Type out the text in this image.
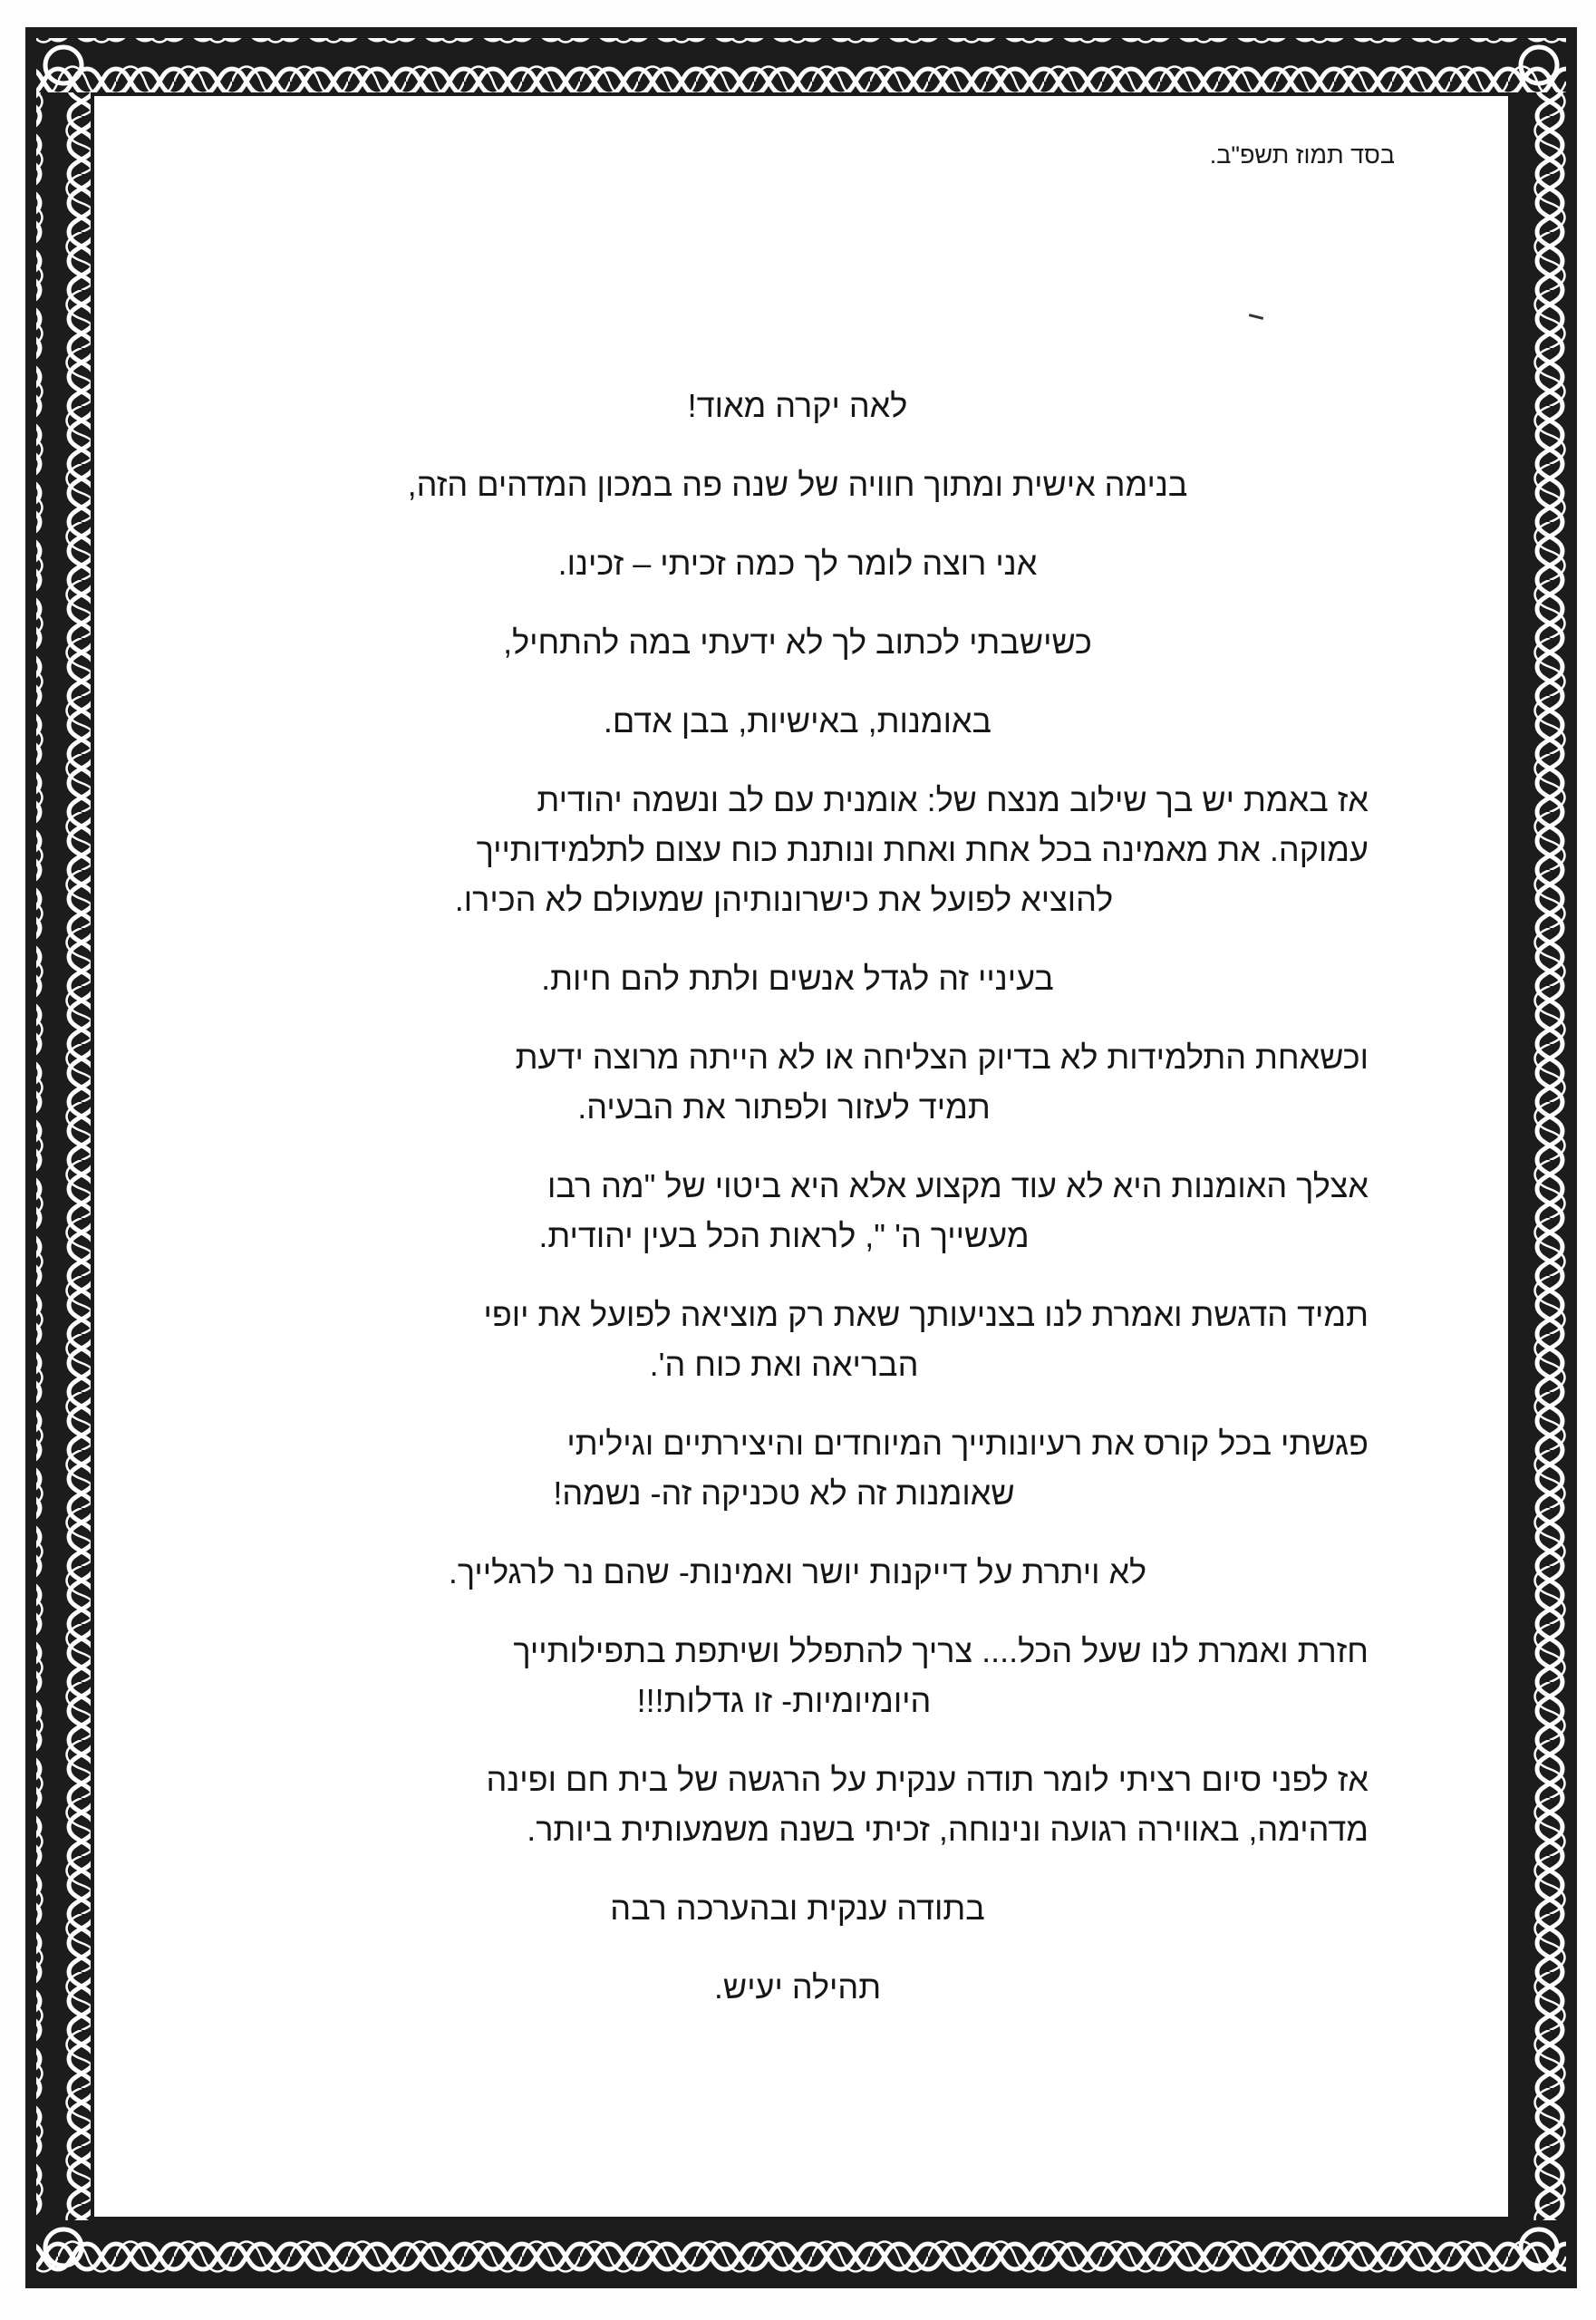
בסד תמוז תשפ"ב.

לאה יקרה מאוד!

בנימה אישית ומתוך חוויה של שנה פה במכון המדהים הזה,

אני רוצה לומר לך כמה זכיתי – זכינו.

כשישבתי לכתוב לך לא ידעתי במה להתחיל,

באומנות, באישיות, בבן אדם.

אז באמת יש בך שילוב מנצח של: אומנית עם לב ונשמה יהודית
עמוקה. את מאמינה בכל אחת ואחת ונותנת כוח עצום לתלמידותייך
להוציא לפועל את כישרונותיהן שמעולם לא הכירו.

בעיניי זה לגדל אנשים ולתת להם חיות.

וכשאחת התלמידות לא בדיוק הצליחה או לא הייתה מרוצה ידעת
תמיד לעזור ולפתור את הבעיה.

אצלך האומנות היא לא עוד מקצוע אלא היא ביטוי של "מה רבו
מעשייך ה' ", לראות הכל בעין יהודית.

תמיד הדגשת ואמרת לנו בצניעותך שאת רק מוציאה לפועל את יופי
הבריאה ואת כוח ה'.

פגשתי בכל קורס את רעיונותייך המיוחדים והיצירתיים וגיליתי
שאומנות זה לא טכניקה זה- נשמה!

לא ויתרת על דייקנות יושר ואמינות- שהם נר לרגלייך.

חזרת ואמרת לנו שעל הכל.... צריך להתפלל ושיתפת בתפילותייך
היומיומיות- זו גדלות!!!

אז לפני סיום רציתי לומר תודה ענקית על הרגשה של בית חם ופינה
מדהימה, באווירה רגועה ונינוחה, זכיתי בשנה משמעותית ביותר.

בתודה ענקית ובהערכה רבה

תהילה יעיש.
